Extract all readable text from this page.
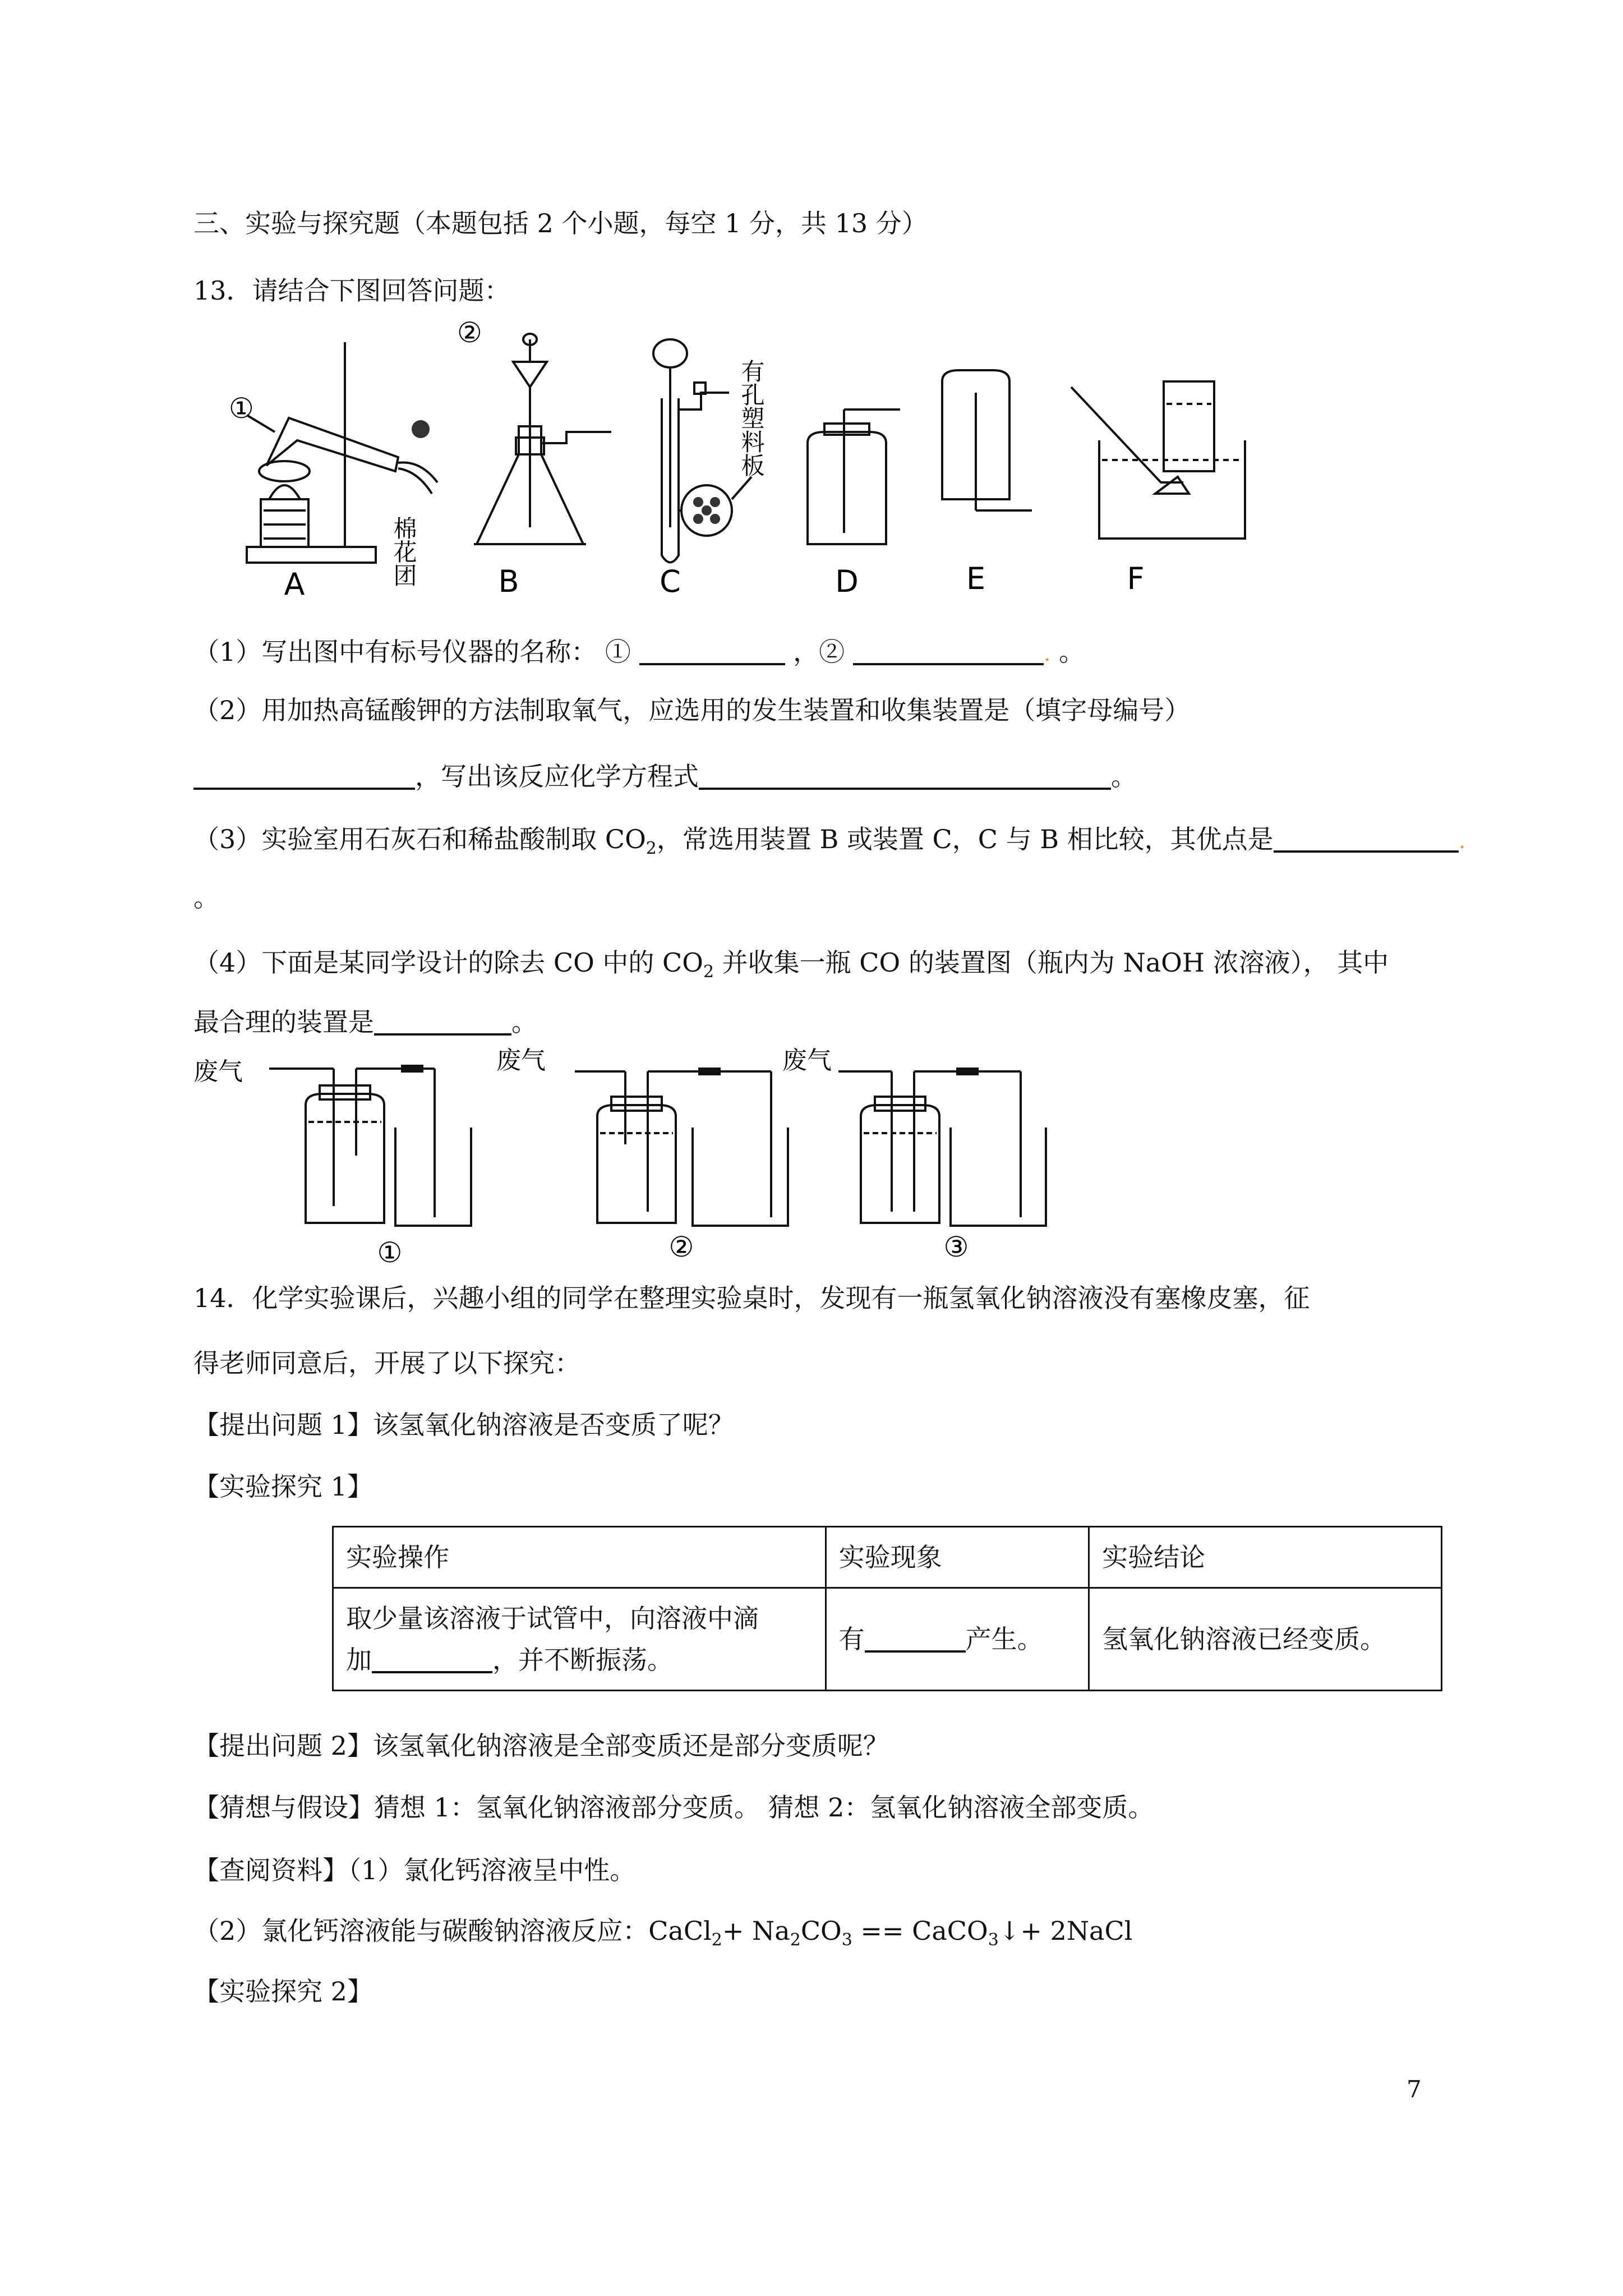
三、实验与探究题（本题包括 2 个小题，每空 1 分，共 13 分）
13．请结合下图回答问题：
①
②
棉花团
有孔塑料板
A	B	C	D	E	F
（1）写出图中有标号仪器的名称： ①	，②	. 。
（2）用加热高锰酸钾的方法制取氧气，应选用的发生装置和收集装置是（填字母编号）
，写出该反应化学方程式	。
（3）实验室用石灰石和稀盐酸制取 $CO_2$，常选用装置 B 或装置 C，C 与 B 相比较，其优点是	.
。
（4）下面是某同学设计的除去 CO 中的 $CO_2$ 并收集一瓶 CO 的装置图（瓶内为 NaOH 浓溶液）， 其中
最合理的装置是	。
废气	废气	废气
①	②	③
14．化学实验课后，兴趣小组的同学在整理实验桌时，发现有一瓶氢氧化钠溶液没有塞橡皮塞，征
得老师同意后，开展了以下探究：
【提出问题 1】该氢氧化钠溶液是否变质了呢？
【实验探究 1】
实验操作	实验现象	实验结论

取少量该溶液于试管中，向溶液中滴
加 ，并不断振荡。	有 产生。	氢氧化钠溶液已经变质。
【提出问题 2】该氢氧化钠溶液是全部变质还是部分变质呢？
【猜想与假设】猜想 1：氢氧化钠溶液部分变质。 猜想 2：氢氧化钠溶液全部变质。
【查阅资料】（1）氯化钙溶液呈中性。
（2）氯化钙溶液能与碳酸钠溶液反应：CaCl$_2$+ $Na_2CO_3$ == CaCO$_3$↓+ 2NaCl
【实验探究 2】
7
